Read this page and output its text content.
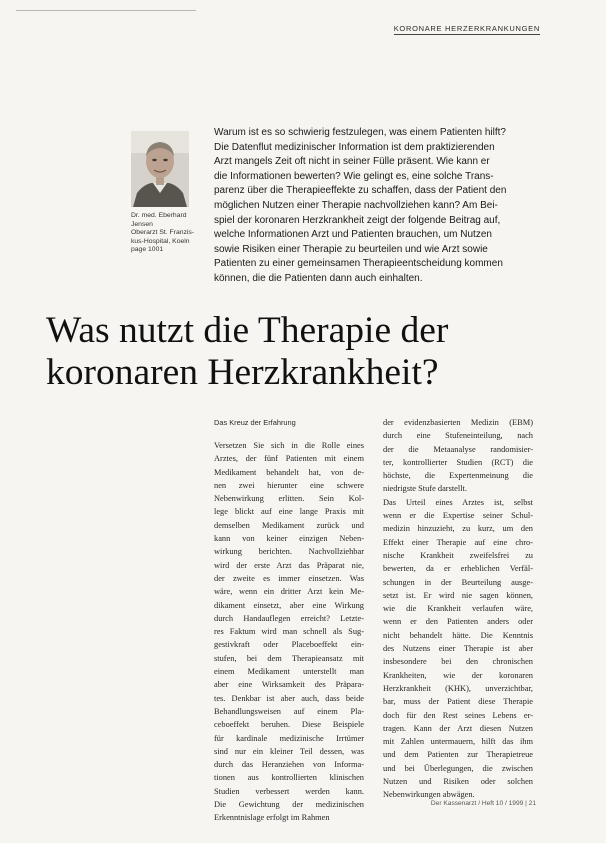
KORONARE HERZERKRANKUNGEN
Dr. med. Eberhard
Jensen
Oberarzt St. Franzis-
kus-Hospital, Koeln
page 1001
Warum ist es so schwierig festzulegen, was einem Patienten hilft?
Die Datenflut medizinischer Information ist dem praktizierenden
Arzt mangels Zeit oft nicht in seiner Fülle präsent. Wie kann er
die Informationen bewerten? Wie gelingt es, eine solche Trans-
parenz über die Therapieeffekte zu schaffen, dass der Patient den
möglichen Nutzen einer Therapie nachvollziehen kann? Am Bei-
spiel der koronaren Herzkrankheit zeigt der folgende Beitrag auf,
welche Informationen Arzt und Patienten brauchen, um Nutzen
sowie Risiken einer Therapie zu beurteilen und wie Arzt sowie
Patienten zu einer gemeinsamen Therapieentscheidung kommen
können, die die Patienten dann auch einhalten.
Was nutzt die Therapie der
koronaren Herzkrankheit?
Das Kreuz der Erfahrung
Versetzen Sie sich in die Rolle eines
Arztes, der fünf Patienten mit einem
Medikament behandelt hat, von de-
nen zwei hierunter eine schwere
Nebenwirkung erlitten. Sein Kol-
lege blickt auf eine lange Praxis mit
demselben Medikament zurück und
kann von keiner einzigen Neben-
wirkung berichten. Nachvollziehbar
wird der erste Arzt das Präparat nie,
der zweite es immer einsetzen. Was
wäre, wenn ein dritter Arzt kein Me-
dikament einsetzt, aber eine Wirkung
durch Handauflegen erreicht? Letzte-
res Faktum wird man schnell als Sug-
gestivkraft oder Placeboeffekt ein-
stufen, bei dem Therapieansatz mit
einem Medikament unterstellt man
aber eine Wirksamkeit des Präpara-
tes. Denkbar ist aber auch, dass beide
Behandlungsweisen auf einem Pla-
ceboeffekt beruhen. Diese Beispiele
für kardinale medizinische Irrtümer
sind nur ein kleiner Teil dessen, was
durch das Heranziehen von Informa-
tionen aus kontrollierten klinischen
Studien verbessert werden kann.
Die Gewichtung der medizinischen
Erkenntnislage erfolgt im Rahmen
der evidenzbasierten Medizin (EBM)
durch eine Stufeneinteilung, nach
der die Metaanalyse randomisier-
ter, kontrollierter Studien (RCT) die
höchste, die Expertenmeinung die
niedrigste Stufe darstellt.
Das Urteil eines Arztes ist, selbst
wenn er die Expertise seiner Schul-
medizin hinzuzieht, zu kurz, um den
Effekt einer Therapie auf eine chro-
nische Krankheit zweifelsfrei zu
bewerten, da er erheblichen Verfäl-
schungen in der Beurteilung ausge-
setzt ist. Er wird nie sagen können,
wie die Krankheit verlaufen wäre,
wenn er den Patienten anders oder
nicht behandelt hätte. Die Kenntnis
des Nutzens einer Therapie ist aber
insbesondere bei den chronischen
Krankheiten, wie der koronaren
Herzkrankheit (KHK), unverzichtbar,
bar, muss der Patient diese Therapie
doch für den Rest seines Lebens er-
tragen. Kann der Arzt diesen Nutzen
mit Zahlen untermauern, hilft das ihm
und dem Patienten zur Therapietreue
und bei Überlegungen, die zwischen
Nutzen und Risiken oder solchen
Nebenwirkungen abwägen.
Der Kassenarzt / Heft 10 / 1999 | 21
